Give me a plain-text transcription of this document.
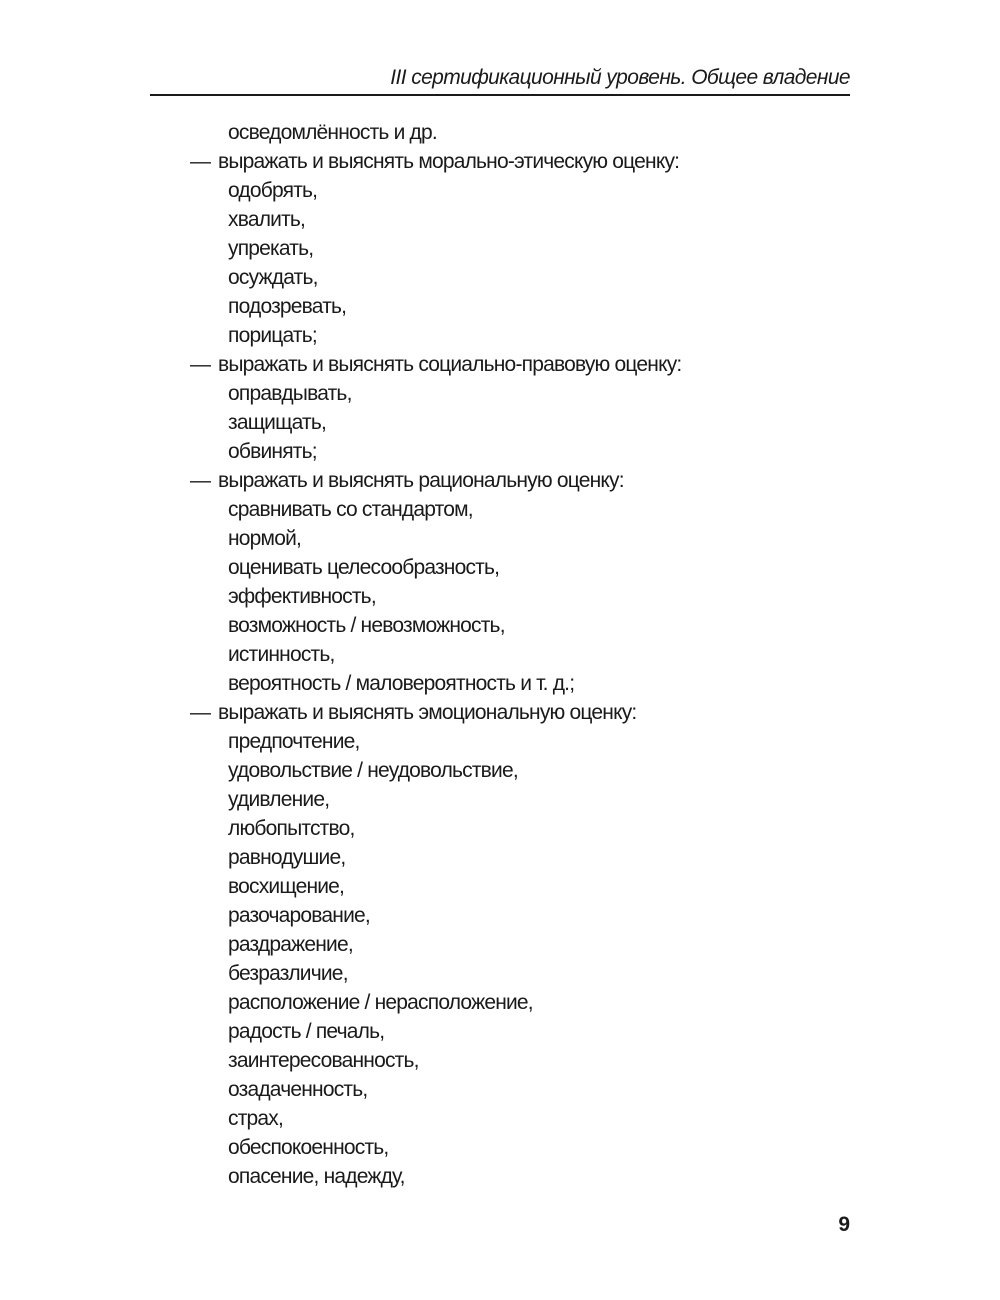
III сертификационный уровень. Общее владение
осведомлённость и др.
— выражать и выяснять морально-этическую оценку:
одобрять,
хвалить,
упрекать,
осуждать,
подозревать,
порицать;
— выражать и выяснять социально-правовую оценку:
оправдывать,
защищать,
обвинять;
— выражать и выяснять рациональную оценку:
сравнивать со стандартом,
нормой,
оценивать целесообразность,
эффективность,
возможность / невозможность,
истинность,
вероятность / маловероятность и т. д.;
— выражать и выяснять эмоциональную оценку:
предпочтение,
удовольствие / неудовольствие,
удивление,
любопытство,
равнодушие,
восхищение,
разочарование,
раздражение,
безразличие,
расположение / нерасположение,
радость / печаль,
заинтересованность,
озадаченность,
страх,
обеспокоенность,
опасение, надежду,
9
